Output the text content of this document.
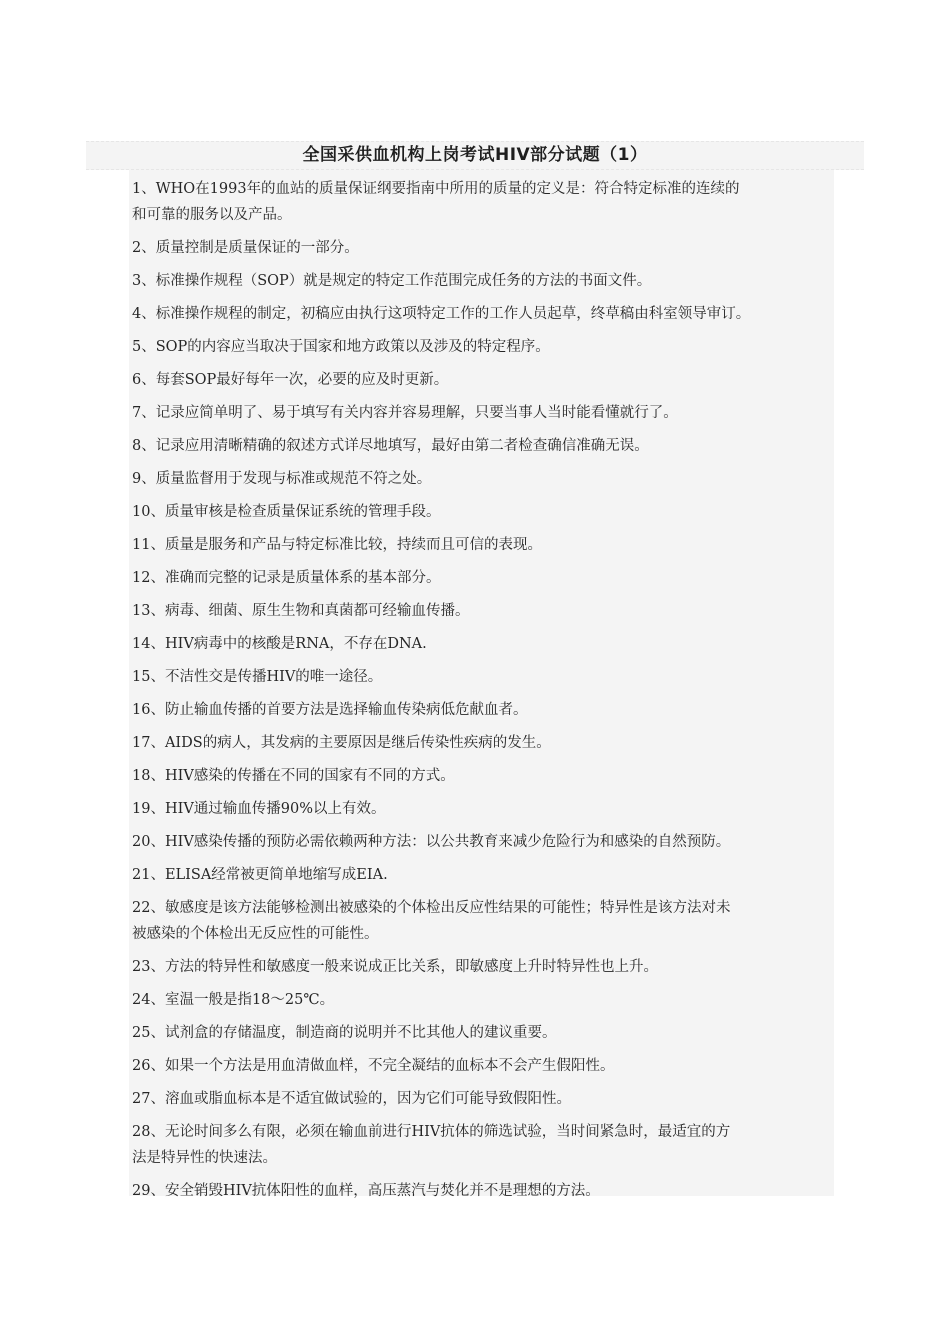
全国采供血机构上岗考试HIV部分试题（1）
1、WHO在1993年的血站的质量保证纲要指南中所用的质量的定义是：符合特定标准的连续的
和可靠的服务以及产品。
2、质量控制是质量保证的一部分。
3、标准操作规程（SOP）就是规定的特定工作范围完成任务的方法的书面文件。
4、标准操作规程的制定，初稿应由执行这项特定工作的工作人员起草，终草稿由科室领导审订。
5、SOP的内容应当取决于国家和地方政策以及涉及的特定程序。
6、每套SOP最好每年一次，必要的应及时更新。
7、记录应简单明了、易于填写有关内容并容易理解，只要当事人当时能看懂就行了。
8、记录应用清晰精确的叙述方式详尽地填写，最好由第二者检查确信准确无误。
9、质量监督用于发现与标准或规范不符之处。
10、质量审核是检查质量保证系统的管理手段。
11、质量是服务和产品与特定标准比较，持续而且可信的表现。
12、准确而完整的记录是质量体系的基本部分。
13、病毒、细菌、原生生物和真菌都可经输血传播。
14、HIV病毒中的核酸是RNA，不存在DNA.
15、不洁性交是传播HIV的唯一途径。
16、防止输血传播的首要方法是选择输血传染病低危献血者。
17、AIDS的病人，其发病的主要原因是继后传染性疾病的发生。
18、HIV感染的传播在不同的国家有不同的方式。
19、HIV通过输血传播90%以上有效。
20、HIV感染传播的预防必需依赖两种方法：以公共教育来减少危险行为和感染的自然预防。
21、ELISA经常被更简单地缩写成EIA.
22、敏感度是该方法能够检测出被感染的个体检出反应性结果的可能性；特异性是该方法对未
被感染的个体检出无反应性的可能性。
23、方法的特异性和敏感度一般来说成正比关系，即敏感度上升时特异性也上升。
24、室温一般是指18～25℃。
25、试剂盒的存储温度，制造商的说明并不比其他人的建议重要。
26、如果一个方法是用血清做血样，不完全凝结的血标本不会产生假阳性。
27、溶血或脂血标本是不适宜做试验的，因为它们可能导致假阳性。
28、无论时间多么有限，必须在输血前进行HIV抗体的筛选试验，当时间紧急时，最适宜的方
法是特异性的快速法。
29、安全销毁HIV抗体阳性的血样，高压蒸汽与焚化并不是理想的方法。
